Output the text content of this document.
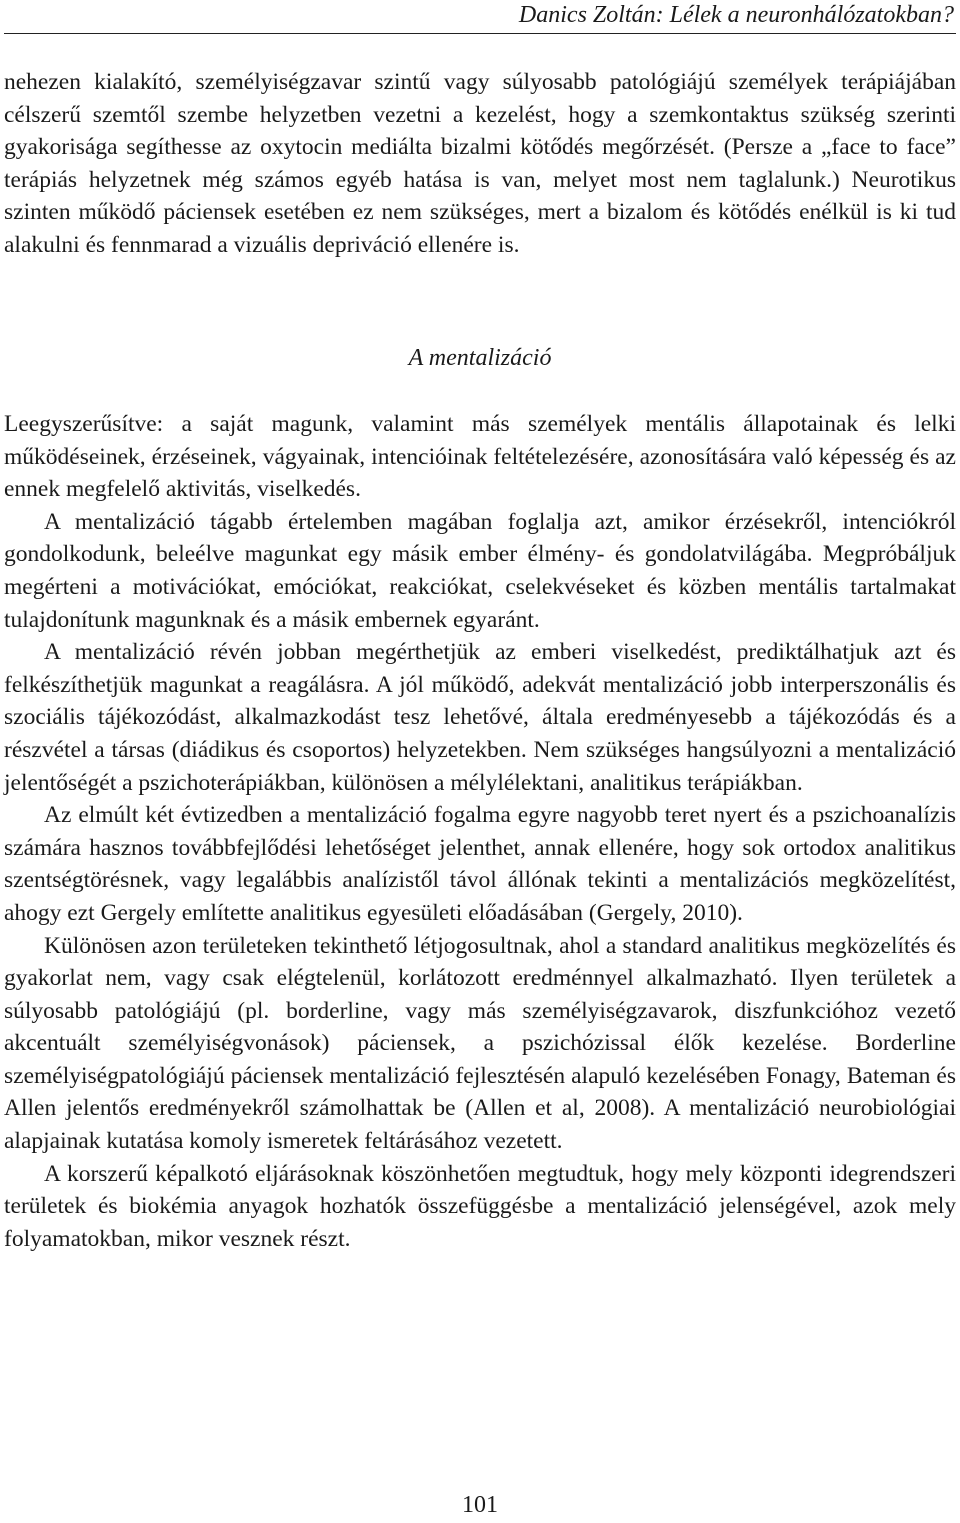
Danics Zoltán: Lélek a neuronhálózatokban?

nehezen kialakító, személyiségzavar szintű vagy súlyosabb patológiájú személyek terápiájában célszerű szemtől szembe helyzetben vezetni a kezelést, hogy a szemkontaktus szükség szerinti gyakorisága segíthesse az oxytocin mediálta bizalmi kötődés megőrzését. (Persze a „face to face” terápiás helyzetnek még számos egyéb hatása is van, melyet most nem taglalunk.) Neurotikus szinten működő páciensek esetében ez nem szükséges, mert a bizalom és kötődés enélkül is ki tud alakulni és fennmarad a vizuális depriváció ellenére is.

A mentalizáció

Leegyszerűsítve: a saját magunk, valamint más személyek mentális állapotainak és lelki működéseinek, érzéseinek, vágyainak, intencióinak feltételezésére, azonosítására való képesség és az ennek megfelelő aktivitás, viselkedés.

A mentalizáció tágabb értelemben magában foglalja azt, amikor érzésekről, intenciókról gondolkodunk, beleélve magunkat egy másik ember élmény- és gondolatvilágába. Megpróbáljuk megérteni a motivációkat, emóciókat, reakciókat, cselekvéseket és közben mentális tartalmakat tulajdonítunk magunknak és a másik embernek egyaránt.

A mentalizáció révén jobban megérthetjük az emberi viselkedést, prediktálhatjuk azt és felkészíthetjük magunkat a reagálásra. A jól működő, adekvát mentalizáció jobb interperszonális és szociális tájékozódást, alkalmazkodást tesz lehetővé, általa eredményesebb a tájékozódás és a részvétel a társas (diádikus és csoportos) helyzetekben. Nem szükséges hangsúlyozni a mentalizáció jelentőségét a pszichoterápiákban, különösen a mélylélektani, analitikus terápiákban.

Az elmúlt két évtizedben a mentalizáció fogalma egyre nagyobb teret nyert és a pszichoanalízis számára hasznos továbbfejlődési lehetőséget jelenthet, annak ellenére, hogy sok ortodox analitikus szentségtörésnek, vagy legalábbis analízistől távol állónak tekinti a mentalizációs megközelítést, ahogy ezt Gergely említette analitikus egyesületi előadásában (Gergely, 2010).

Különösen azon területeken tekinthető létjogosultnak, ahol a standard analitikus megközelítés és gyakorlat nem, vagy csak elégtelenül, korlátozott eredménnyel alkalmazható. Ilyen területek a súlyosabb patológiájú (pl. borderline, vagy más személyiségzavarok, diszfunkcióhoz vezető akcentuált személyiségvonások) páciensek, a pszichózissal élők kezelése. Borderline személyiségpatológiájú páciensek mentalizáció fejlesztésén alapuló kezelésében Fonagy, Bateman és Allen jelentős eredményekről számolhattak be (Allen et al, 2008). A mentalizáció neurobiológiai alapjainak kutatása komoly ismeretek feltárásához vezetett.

A korszerű képalkotó eljárásoknak köszönhetően megtudtuk, hogy mely központi idegrendszeri területek és biokémia anyagok hozhatók összefüggésbe a mentalizáció jelenségével, azok mely folyamatokban, mikor vesznek részt.

101
